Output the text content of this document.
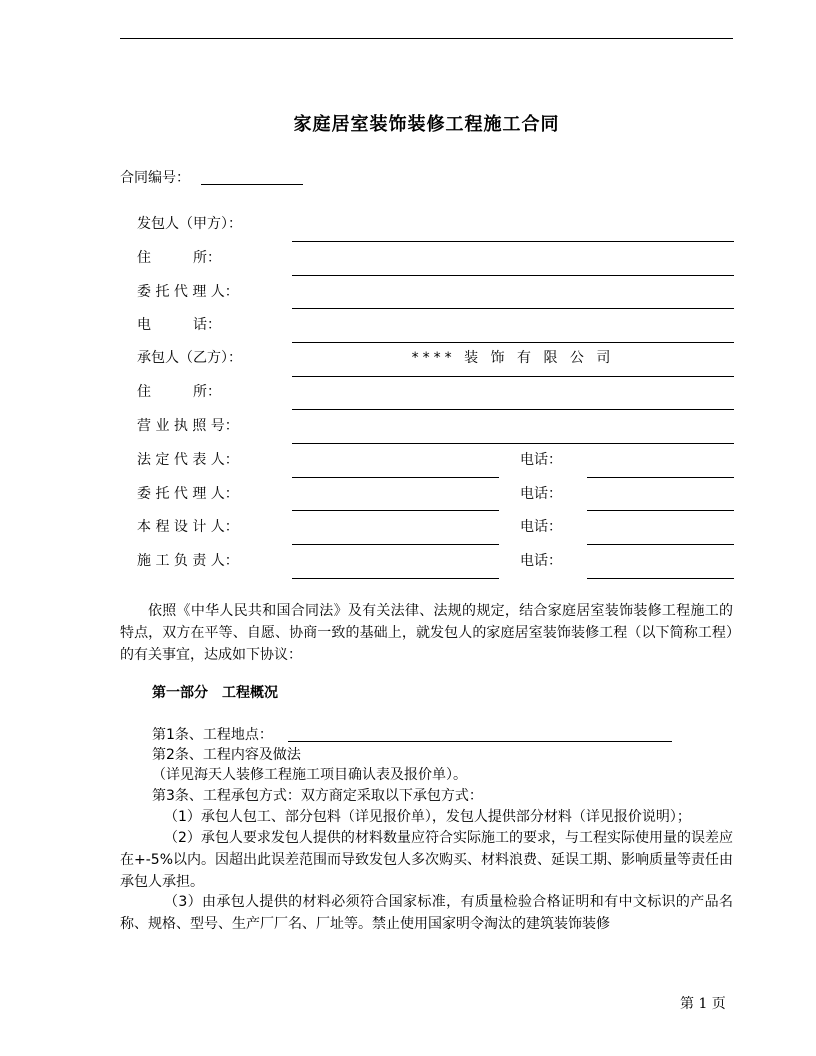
家庭居室装饰装修工程施工合同
合同编号：
发包人（甲方）：
住　　　所：
委 托 代 理 人：
电　　　话：
承包人（乙方）：	**** 装 饰 有 限 公 司
住　　　所：
营 业 执 照 号：
法 定 代 表 人：	电话：
委 托 代 理 人：	电话：
本 程 设 计 人：	电话：
施 工 负 责 人：	电话：
依照《中华人民共和国合同法》及有关法律、法规的规定，结合家庭居室装饰装修工程施工的特点，双方在平等、自愿、协商一致的基础上，就发包人的家庭居室装饰装修工程（以下简称工程）的有关事宜，达成如下协议：
第一部分　工程概况
第1条、工程地点：
第2条、工程内容及做法
（详见海天人装修工程施工项目确认表及报价单）。
第3条、工程承包方式：双方商定采取以下承包方式：
（1）承包人包工、部分包料（详见报价单），发包人提供部分材料（详见报价说明）；
（2）承包人要求发包人提供的材料数量应符合实际施工的要求，与工程实际使用量的误差应在+-5%以内。因超出此误差范围而导致发包人多次购买、材料浪费、延误工期、影响质量等责任由承包人承担。
（3）由承包人提供的材料必须符合国家标准，有质量检验合格证明和有中文标识的产品名称、规格、型号、生产厂厂名、厂址等。禁止使用国家明令淘汰的建筑装饰装修
第 1 页
